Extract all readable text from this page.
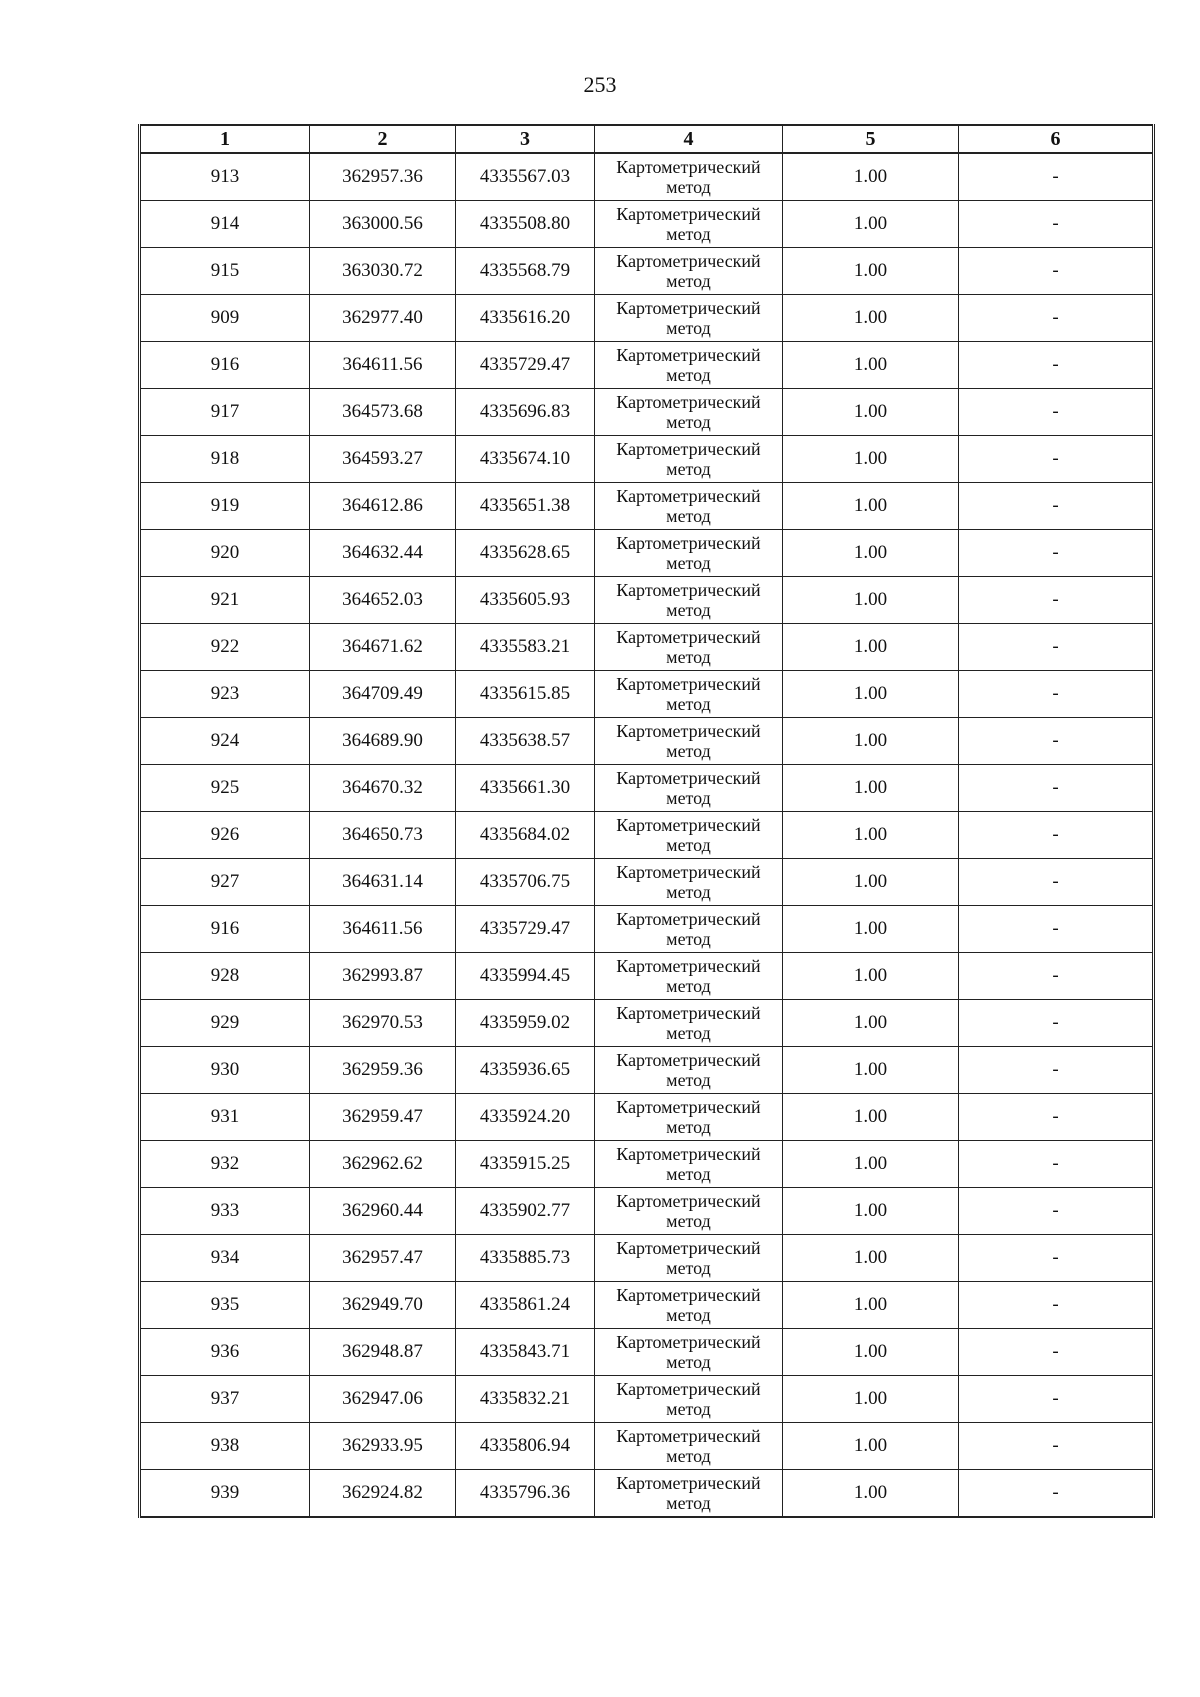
253
1	2	3	4	5	6
913	362957.36	4335567.03	Картометрический метод	1.00	-
914	363000.56	4335508.80	Картометрический метод	1.00	-
915	363030.72	4335568.79	Картометрический метод	1.00	-
909	362977.40	4335616.20	Картометрический метод	1.00	-
916	364611.56	4335729.47	Картометрический метод	1.00	-
917	364573.68	4335696.83	Картометрический метод	1.00	-
918	364593.27	4335674.10	Картометрический метод	1.00	-
919	364612.86	4335651.38	Картометрический метод	1.00	-
920	364632.44	4335628.65	Картометрический метод	1.00	-
921	364652.03	4335605.93	Картометрический метод	1.00	-
922	364671.62	4335583.21	Картометрический метод	1.00	-
923	364709.49	4335615.85	Картометрический метод	1.00	-
924	364689.90	4335638.57	Картометрический метод	1.00	-
925	364670.32	4335661.30	Картометрический метод	1.00	-
926	364650.73	4335684.02	Картометрический метод	1.00	-
927	364631.14	4335706.75	Картометрический метод	1.00	-
916	364611.56	4335729.47	Картометрический метод	1.00	-
928	362993.87	4335994.45	Картометрический метод	1.00	-
929	362970.53	4335959.02	Картометрический метод	1.00	-
930	362959.36	4335936.65	Картометрический метод	1.00	-
931	362959.47	4335924.20	Картометрический метод	1.00	-
932	362962.62	4335915.25	Картометрический метод	1.00	-
933	362960.44	4335902.77	Картометрический метод	1.00	-
934	362957.47	4335885.73	Картометрический метод	1.00	-
935	362949.70	4335861.24	Картометрический метод	1.00	-
936	362948.87	4335843.71	Картометрический метод	1.00	-
937	362947.06	4335832.21	Картометрический метод	1.00	-
938	362933.95	4335806.94	Картометрический метод	1.00	-
939	362924.82	4335796.36	Картометрический метод	1.00	-
